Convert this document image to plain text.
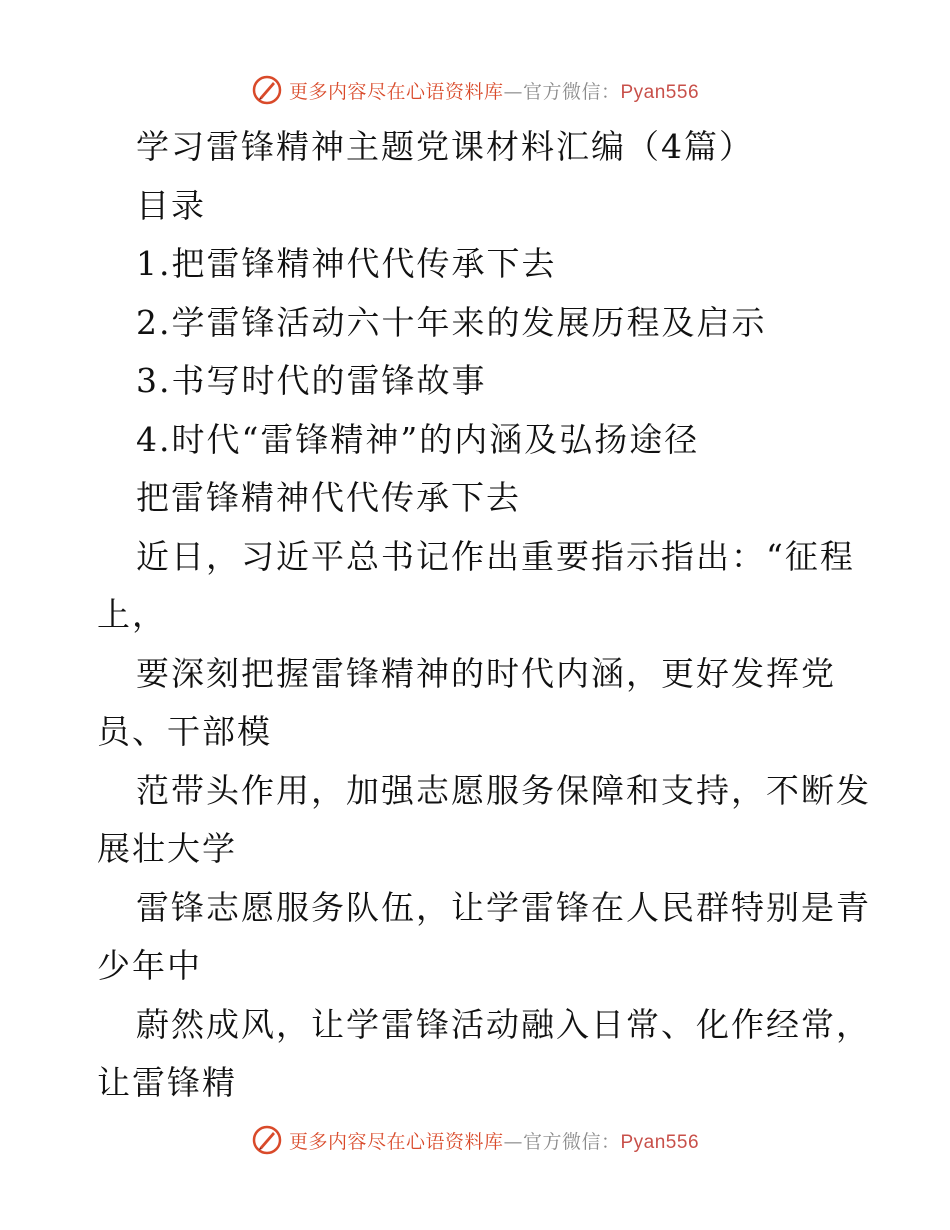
更多内容尽在心语资料库—官方微信：Pyan556
学习雷锋精神主题党课材料汇编（4篇）
目录
1.把雷锋精神代代传承下去
2.学雷锋活动六十年来的发展历程及启示
3.书写时代的雷锋故事
4.时代“雷锋精神”的内涵及弘扬途径
把雷锋精神代代传承下去
近日，习近平总书记作出重要指示指出：“征程
上，
要深刻把握雷锋精神的时代内涵，更好发挥党
员、干部模
范带头作用，加强志愿服务保障和支持，不断发
展壮大学
雷锋志愿服务队伍，让学雷锋在人民群特别是青
少年中
蔚然成风，让学雷锋活动融入日常、化作经常，
让雷锋精
更多内容尽在心语资料库—官方微信：Pyan556
